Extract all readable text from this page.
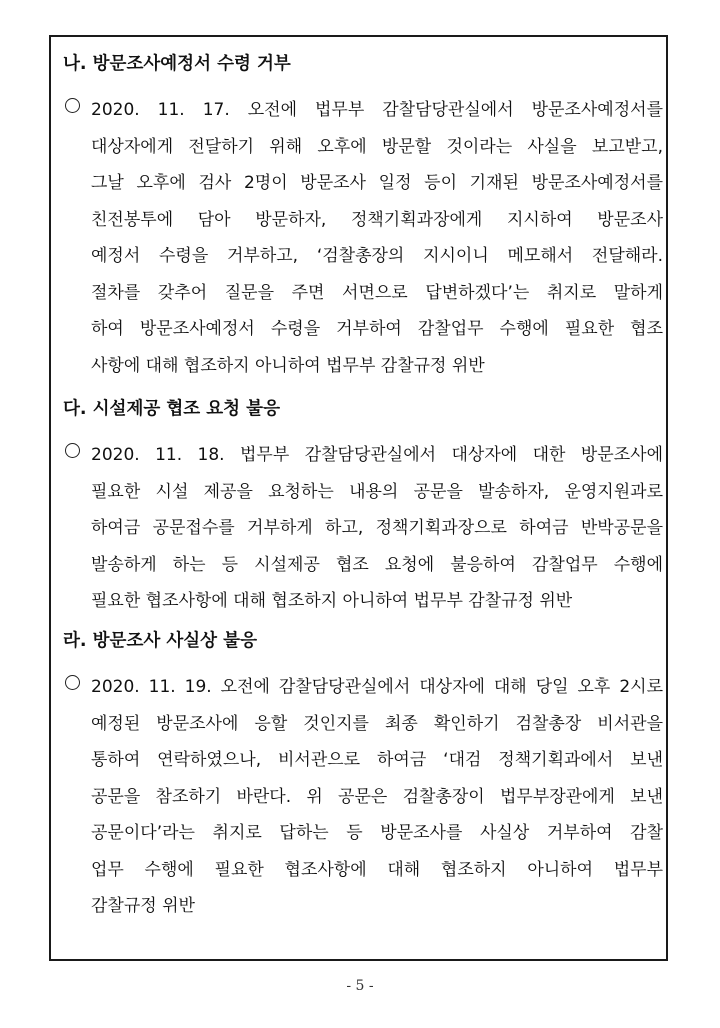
나. 방문조사예정서 수령 거부
2020. 11. 17. 오전에 법무부 감찰담당관실에서 방문조사예정서를
대상자에게 전달하기 위해 오후에 방문할 것이라는 사실을 보고받고,
그날 오후에 검사 2명이 방문조사 일정 등이 기재된 방문조사예정서를
친전봉투에 담아 방문하자, 정책기획과장에게 지시하여 방문조사
예정서 수령을 거부하고, ‘검찰총장의 지시이니 메모해서 전달해라.
절차를 갖추어 질문을 주면 서면으로 답변하겠다’는 취지로 말하게
하여 방문조사예정서 수령을 거부하여 감찰업무 수행에 필요한 협조
사항에 대해 협조하지 아니하여 법무부 감찰규정 위반
다. 시설제공 협조 요청 불응
2020. 11. 18. 법무부 감찰담당관실에서 대상자에 대한 방문조사에
필요한 시설 제공을 요청하는 내용의 공문을 발송하자, 운영지원과로
하여금 공문접수를 거부하게 하고, 정책기획과장으로 하여금 반박공문을
발송하게 하는 등 시설제공 협조 요청에 불응하여 감찰업무 수행에
필요한 협조사항에 대해 협조하지 아니하여 법무부 감찰규정 위반
라. 방문조사 사실상 불응
2020. 11. 19. 오전에 감찰담당관실에서 대상자에 대해 당일 오후 2시로
예정된 방문조사에 응할 것인지를 최종 확인하기 검찰총장 비서관을
통하여 연락하였으나, 비서관으로 하여금 ‘대검 정책기획과에서 보낸
공문을 참조하기 바란다. 위 공문은 검찰총장이 법무부장관에게 보낸
공문이다’라는 취지로 답하는 등 방문조사를 사실상 거부하여 감찰
업무 수행에 필요한 협조사항에 대해 협조하지 아니하여 법무부
감찰규정 위반
- 5 -
